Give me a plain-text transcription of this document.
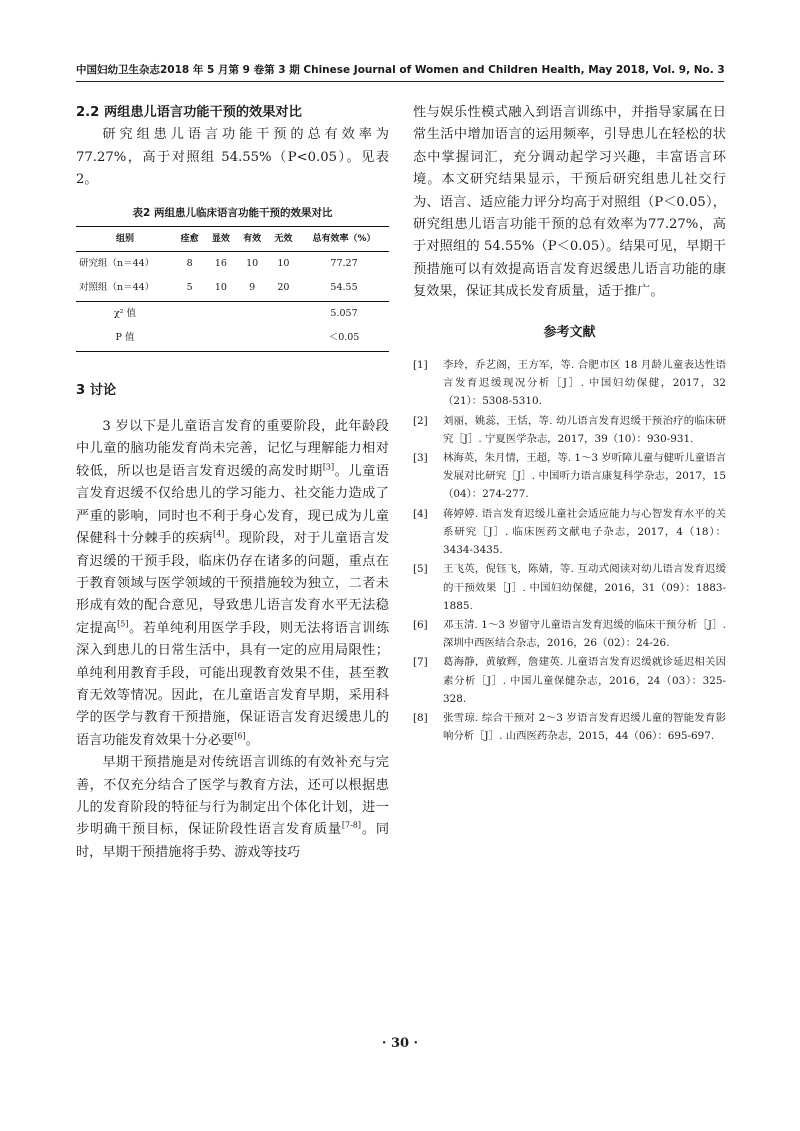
中国妇幼卫生杂志2018 年 5 月第 9 卷第 3 期 Chinese Journal of Women and Children Health, May 2018, Vol. 9, No. 3

2.2 两组患儿语言功能干预的效果对比

研究组患儿语言功能干预的总有效率为 77.27%，高于对照组 54.55%（P<0.05）。见表2。

表2 两组患儿临床语言功能干预的效果对比
组别	痊愈	显效	有效	无效	总有效率（%）
研究组（n＝44）	8	16	10	10	77.27
对照组（n＝44）	5	10	9	20	54.55
χ² 值					5.057
P 值					＜0.05

3 讨论

3 岁以下是儿童语言发育的重要阶段，此年龄段中儿童的脑功能发育尚未完善，记忆与理解能力相对较低，所以也是语言发育迟缓的高发时期[3]。儿童语言发育迟缓不仅给患儿的学习能力、社交能力造成了严重的影响，同时也不利于身心发育，现已成为儿童保健科十分棘手的疾病[4]。现阶段，对于儿童语言发育迟缓的干预手段，临床仍存在诸多的问题，重点在于教育领域与医学领域的干预措施较为独立，二者未形成有效的配合意见，导致患儿语言发育水平无法稳定提高[5]。若单纯利用医学手段，则无法将语言训练深入到患儿的日常生活中，具有一定的应用局限性；单纯利用教育手段，可能出现教育效果不佳，甚至教育无效等情况。因此，在儿童语言发育早期，采用科学的医学与教育干预措施，保证语言发育迟缓患儿的语言功能发育效果十分必要[6]。

早期干预措施是对传统语言训练的有效补充与完善，不仅充分结合了医学与教育方法，还可以根据患儿的发育阶段的特征与行为制定出个体化计划，进一步明确干预目标，保证阶段性语言发育质量[7-8]。同时，早期干预措施将手势、游戏等技巧

性与娱乐性模式融入到语言训练中，并指导家属在日常生活中增加语言的运用频率，引导患儿在轻松的状态中掌握词汇，充分调动起学习兴趣，丰富语言环境。本文研究结果显示，干预后研究组患儿社交行为、语言、适应能力评分均高于对照组（P＜0.05），研究组患儿语言功能干预的总有效率为77.27%，高于对照组的 54.55%（P＜0.05）。结果可见，早期干预措施可以有效提高语言发育迟缓患儿语言功能的康复效果，保证其成长发育质量，适于推广。

参考文献
[1]	李玲，乔艺阁，王方军，等. 合肥市区 18 月龄儿童表达性语言发育迟缓现况分析［J］. 中国妇幼保健，2017，32（21）：5308-5310.
[2]	刘丽，姚蕊，王恬，等. 幼儿语言发育迟缓干预治疗的临床研究［J］. 宁夏医学杂志，2017，39（10）：930-931.
[3]	林海英，朱月情，王超，等. 1～3 岁听障儿童与健听儿童语言发展对比研究［J］. 中国听力语言康复科学杂志，2017，15（04）：274-277.
[4]	蒋婷婷. 语言发育迟缓儿童社会适应能力与心智发育水平的关系研究［J］. 临床医药文献电子杂志，2017，4（18）：3434-3435.
[5]	王飞英，倪钰飞，陈婧，等. 互动式阅读对幼儿语言发育迟缓的干预效果［J］. 中国妇幼保健，2016，31（09）：1883-1885.
[6]	邓玉清. 1～3 岁留守儿童语言发育迟缓的临床干预分析［J］. 深圳中西医结合杂志，2016，26（02）：24-26.
[7]	葛海静，黄敏辉，詹建英. 儿童语言发育迟缓就诊延迟相关因素分析［J］. 中国儿童保健杂志，2016，24（03）：325-328.
[8]	张雪琼. 综合干预对 2～3 岁语言发育迟缓儿童的智能发育影响分析［J］. 山西医药杂志，2015，44（06）：695-697.
· 30 ·
